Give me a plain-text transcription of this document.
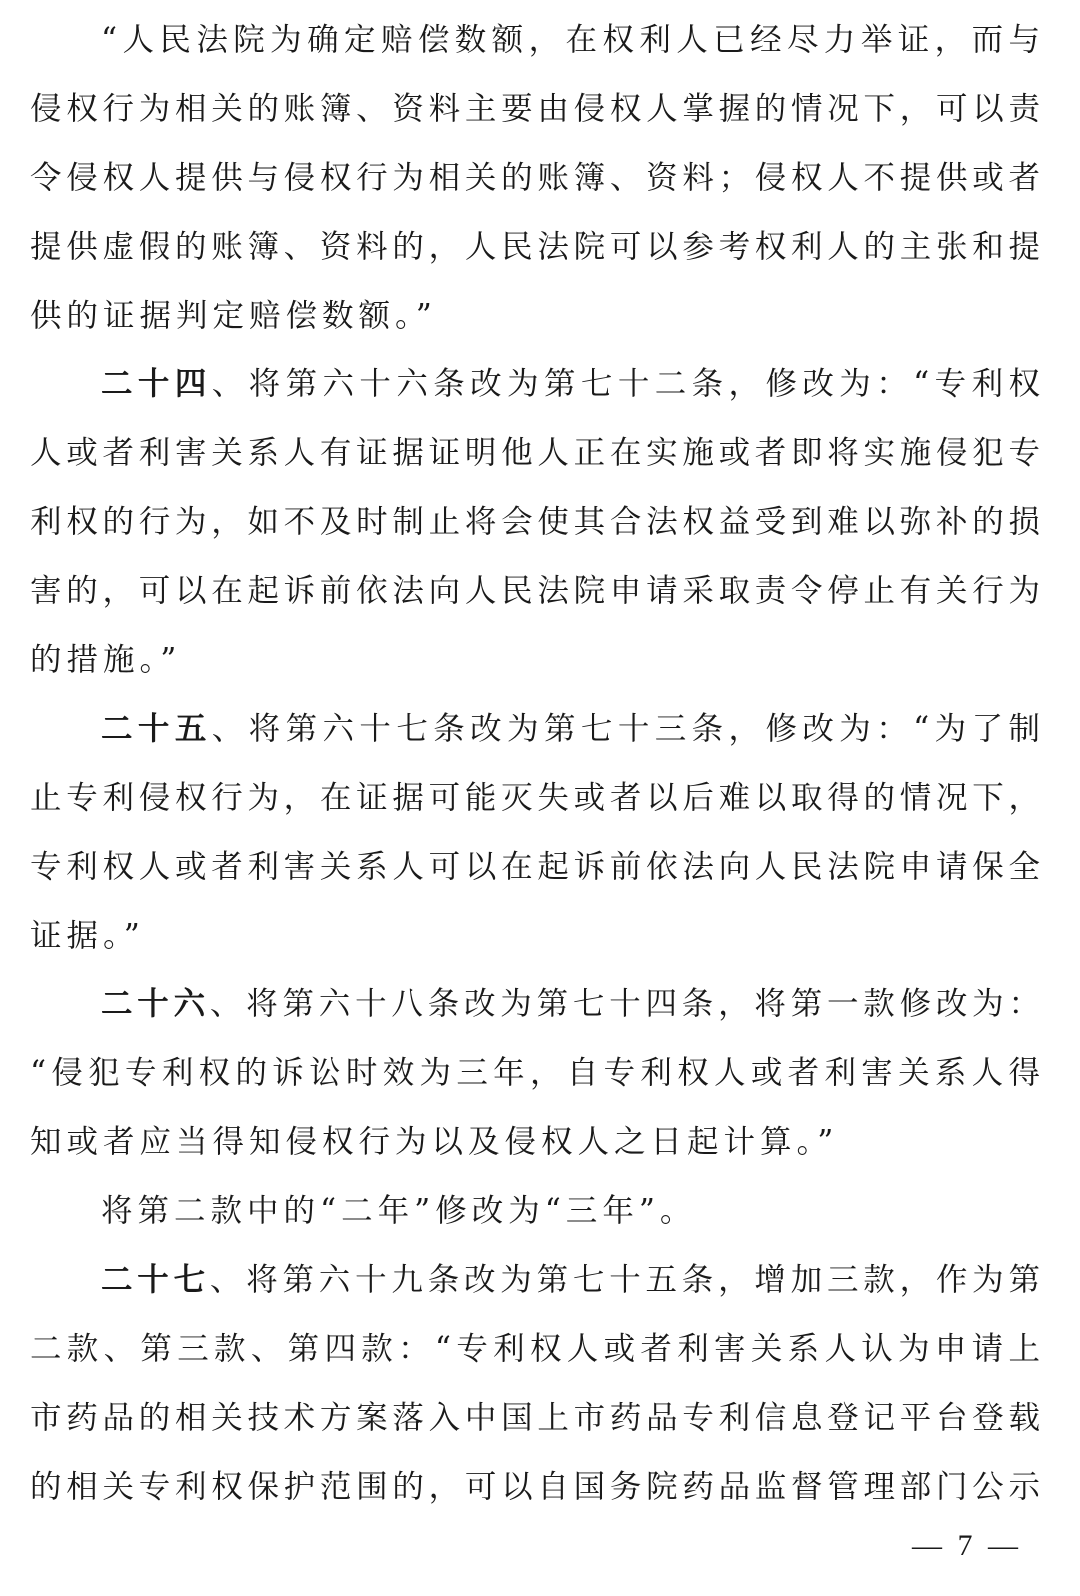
“人民法院为确定赔偿数额，在权利人已经尽力举证，而与
侵权行为相关的账簿、资料主要由侵权人掌握的情况下，可以责
令侵权人提供与侵权行为相关的账簿、资料；侵权人不提供或者
提供虚假的账簿、资料的，人民法院可以参考权利人的主张和提
供的证据判定赔偿数额。”
二十四、将第六十六条改为第七十二条，修改为：“专利权
人或者利害关系人有证据证明他人正在实施或者即将实施侵犯专
利权的行为，如不及时制止将会使其合法权益受到难以弥补的损
害的，可以在起诉前依法向人民法院申请采取责令停止有关行为
的措施。”
二十五、将第六十七条改为第七十三条，修改为：“为了制
止专利侵权行为，在证据可能灭失或者以后难以取得的情况下，
专利权人或者利害关系人可以在起诉前依法向人民法院申请保全
证据。”
二十六、将第六十八条改为第七十四条，将第一款修改为：
“侵犯专利权的诉讼时效为三年，自专利权人或者利害关系人得
知或者应当得知侵权行为以及侵权人之日起计算。”
将第二款中的“二年”修改为“三年”。
二十七、将第六十九条改为第七十五条，增加三款，作为第
二款、第三款、第四款：“专利权人或者利害关系人认为申请上
市药品的相关技术方案落入中国上市药品专利信息登记平台登载
的相关专利权保护范围的，可以自国务院药品监督管理部门公示
— 7 —
